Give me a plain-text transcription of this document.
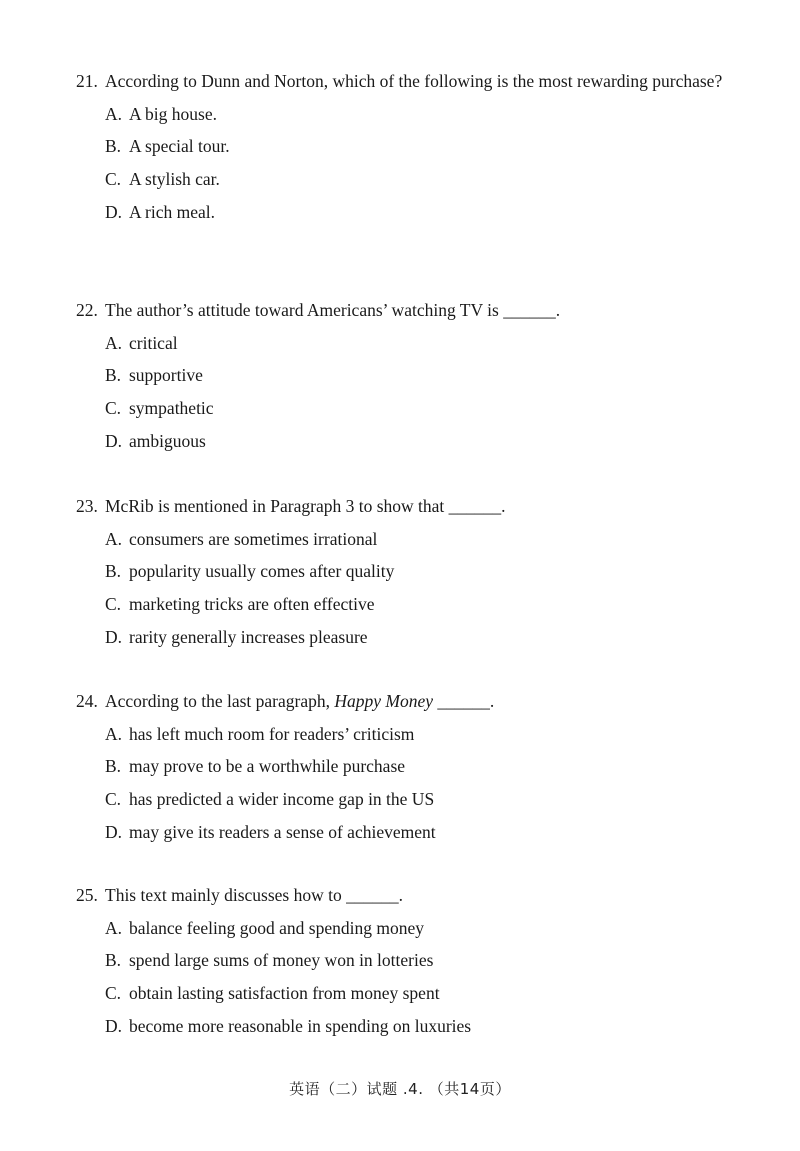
21. According to Dunn and Norton, which of the following is the most rewarding purchase?
A. A big house.
B. A special tour.
C. A stylish car.
D. A rich meal.
22. The author’s attitude toward Americans’ watching TV is ______.
A. critical
B. supportive
C. sympathetic
D. ambiguous
23. McRib is mentioned in Paragraph 3 to show that ______.
A. consumers are sometimes irrational
B. popularity usually comes after quality
C. marketing tricks are often effective
D. rarity generally increases pleasure
24. According to the last paragraph, Happy Money ______.
A. has left much room for readers’ criticism
B. may prove to be a worthwhile purchase
C. has predicted a wider income gap in the US
D. may give its readers a sense of achievement
25. This text mainly discusses how to ______.
A. balance feeling good and spending money
B. spend large sums of money won in lotteries
C. obtain lasting satisfaction from money spent
D. become more reasonable in spending on luxuries
英语（二）试题 .4. （共14页）
